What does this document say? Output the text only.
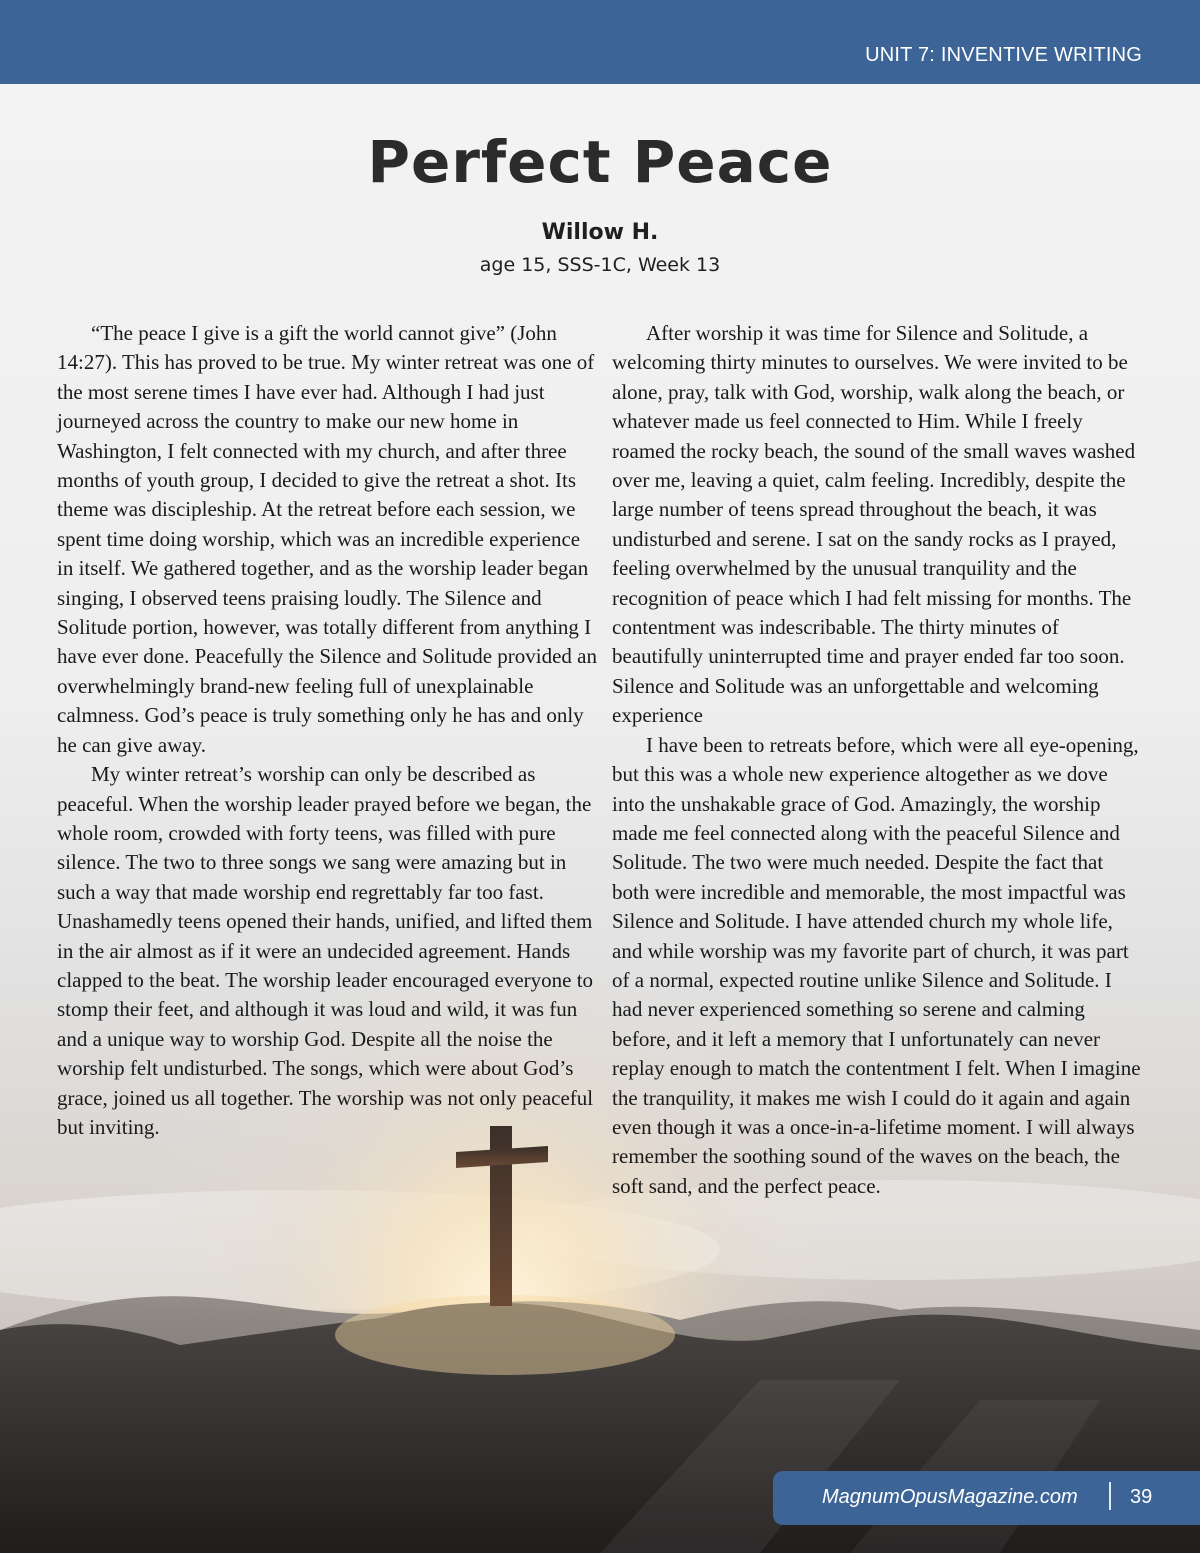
UNIT 7: INVENTIVE WRITING
Perfect Peace
Willow H.
age 15, SSS-1C, Week 13

“The peace I give is a gift the world cannot give” (John 14:27). This has proved to be true. My winter retreat was one of the most serene times I have ever had. Although I had just journeyed across the country to make our new home in Washington, I felt connected with my church, and after three months of youth group, I decided to give the retreat a shot. Its theme was discipleship. At the retreat before each session, we spent time doing worship, which was an incredible experience in itself. We gathered together, and as the worship leader began singing, I observed teens praising loudly. The Silence and Solitude portion, however, was totally different from anything I have ever done. Peacefully the Silence and Solitude provided an overwhelmingly brand-new feeling full of unexplainable calmness. God’s peace is truly something only he has and only he can give away.

My winter retreat’s worship can only be described as peaceful. When the worship leader prayed before we began, the whole room, crowded with forty teens, was filled with pure silence. The two to three songs we sang were amazing but in such a way that made worship end regrettably far too fast. Unashamedly teens opened their hands, unified, and lifted them in the air almost as if it were an undecided agreement. Hands clapped to the beat. The worship leader encouraged everyone to stomp their feet, and although it was loud and wild, it was fun and a unique way to worship God. Despite all the noise the worship felt undisturbed. The songs, which were about God’s grace, joined us all together. The worship was not only peaceful but inviting.

After worship it was time for Silence and Solitude, a welcoming thirty minutes to ourselves. We were invited to be alone, pray, talk with God, worship, walk along the beach, or whatever made us feel connected to Him. While I freely roamed the rocky beach, the sound of the small waves washed over me, leaving a quiet, calm feeling. Incredibly, despite the large number of teens spread throughout the beach, it was undisturbed and serene. I sat on the sandy rocks as I prayed, feeling overwhelmed by the unusual tranquility and the recognition of peace which I had felt missing for months. The contentment was indescribable. The thirty minutes of beautifully uninterrupted time and prayer ended far too soon. Silence and Solitude was an unforgettable and welcoming experience

I have been to retreats before, which were all eye-opening, but this was a whole new experience altogether as we dove into the unshakable grace of God. Amazingly, the worship made me feel connected along with the peaceful Silence and Solitude. The two were much needed. Despite the fact that both were incredible and memorable, the most impactful was Silence and Solitude. I have attended church my whole life, and while worship was my favorite part of church, it was part of a normal, expected routine unlike Silence and Solitude. I had never experienced something so serene and calming before, and it left a memory that I unfortunately can never replay enough to match the contentment I felt. When I imagine the tranquility, it makes me wish I could do it again and again even though it was a once-in-a-lifetime moment. I will always remember the soothing sound of the waves on the beach, the soft sand, and the perfect peace.

MagnumOpusMagazine.com	39
